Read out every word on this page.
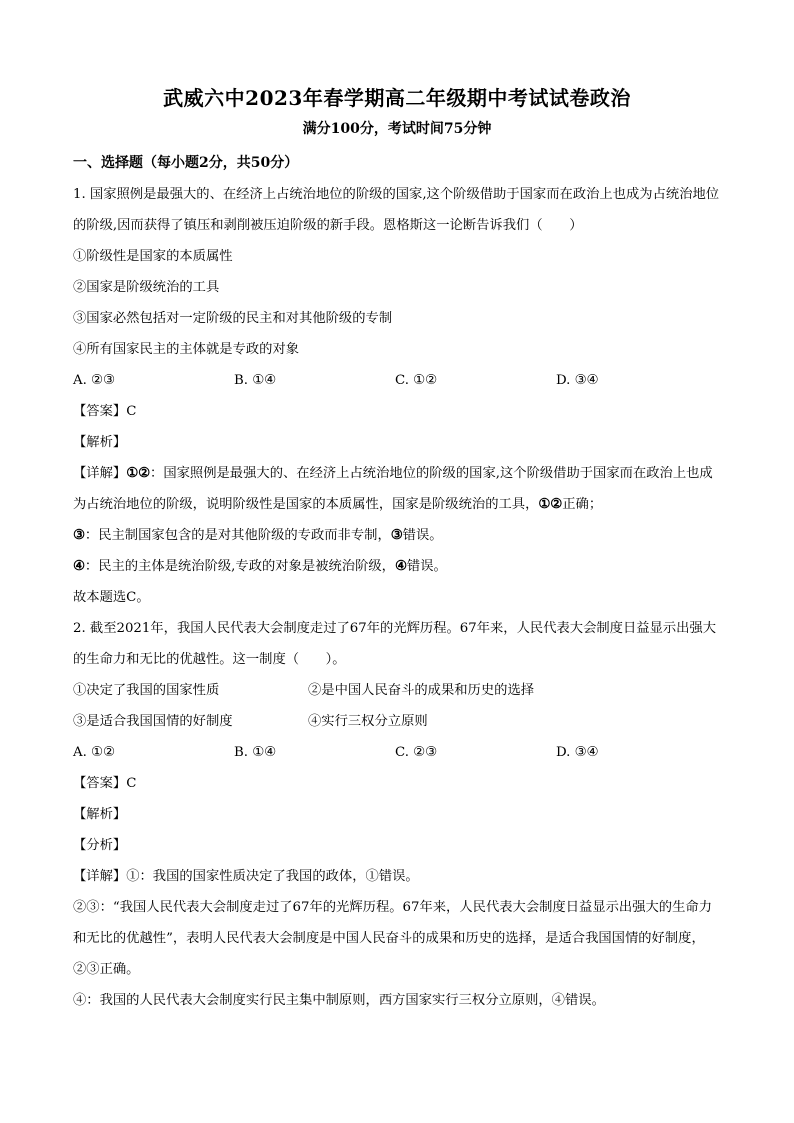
武威六中2023年春学期高二年级期中考试试卷政治
满分100分，考试时间75分钟

一、选择题（每小题2分，共50分）

1. 国家照例是最强大的、在经济上占统治地位的阶级的国家,这个阶级借助于国家而在政治上也成为占统治地位的阶级,因而获得了镇压和剥削被压迫阶级的新手段。恩格斯这一论断告诉我们（　　）

①阶级性是国家的本质属性

②国家是阶级统治的工具

③国家必然包括对一定阶级的民主和对其他阶级的专制

④所有国家民主的主体就是专政的对象

A. ②③	B. ①④	C. ①②	D. ③④

【答案】C

【解析】

【详解】①②：国家照例是最强大的、在经济上占统治地位的阶级的国家,这个阶级借助于国家而在政治上也成为占统治地位的阶级，说明阶级性是国家的本质属性，国家是阶级统治的工具，①②正确；

③：民主制国家包含的是对其他阶级的专政而非专制，③错误。

④：民主的主体是统治阶级,专政的对象是被统治阶级，④错误。

故本题选C。

2. 截至2021年，我国人民代表大会制度走过了67年的光辉历程。67年来，人民代表大会制度日益显示出强大的生命力和无比的优越性。这一制度（　　）。

①决定了我国的国家性质	②是中国人民奋斗的成果和历史的选择

③是适合我国国情的好制度	④实行三权分立原则

A. ①②	B. ①④	C. ②③	D. ③④

【答案】C

【解析】

【分析】

【详解】①：我国的国家性质决定了我国的政体，①错误。

②③：“我国人民代表大会制度走过了67年的光辉历程。67年来，人民代表大会制度日益显示出强大的生命力和无比的优越性”，表明人民代表大会制度是中国人民奋斗的成果和历史的选择，是适合我国国情的好制度，②③正确。

④：我国的人民代表大会制度实行民主集中制原则，西方国家实行三权分立原则，④错误。
